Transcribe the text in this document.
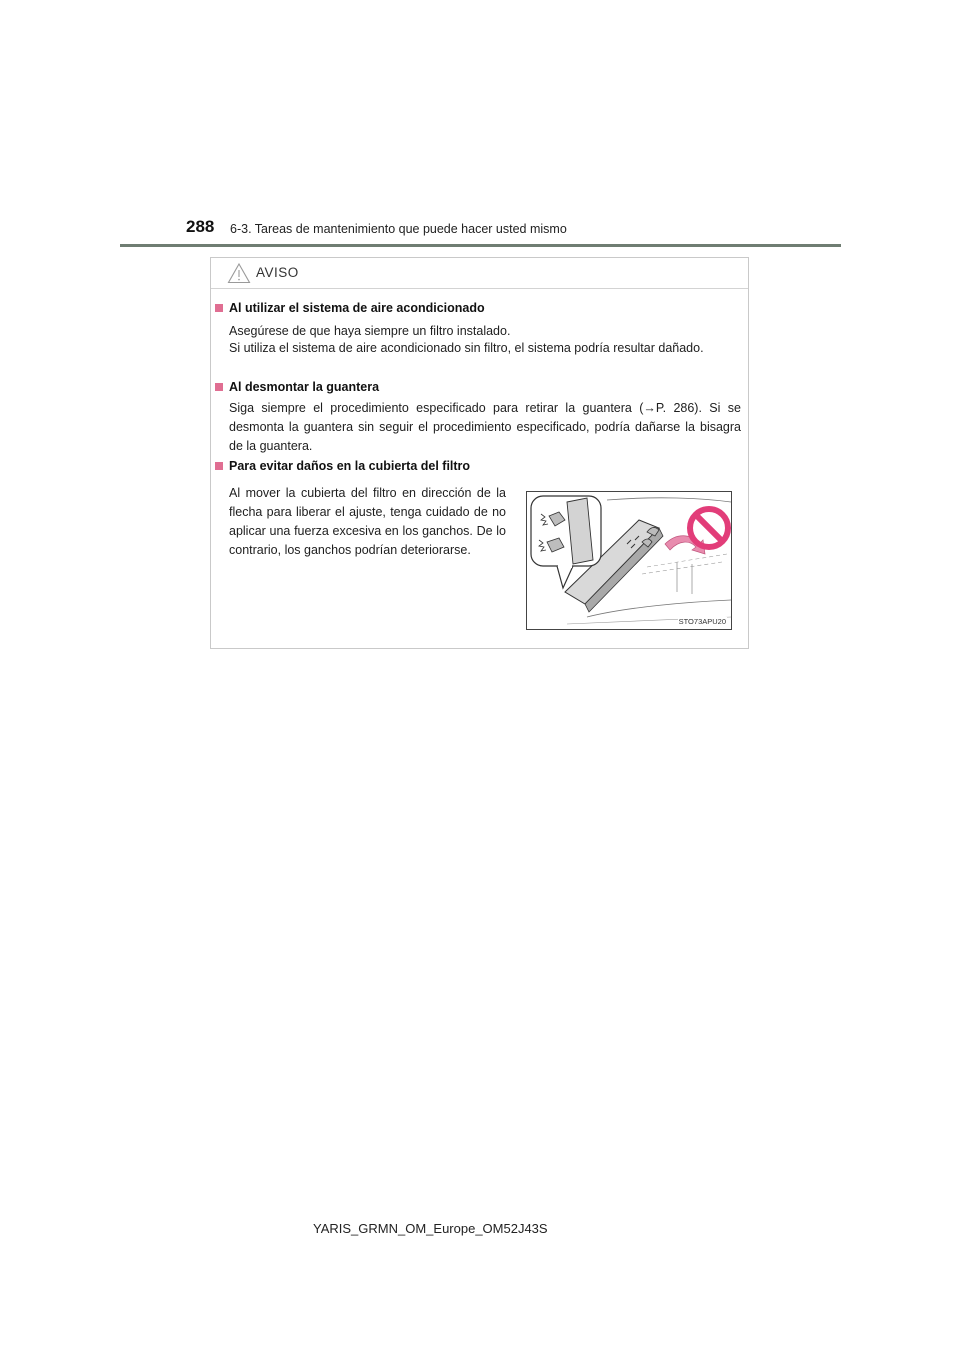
288 6-3. Tareas de mantenimiento que puede hacer usted mismo
AVISO
Al utilizar el sistema de aire acondicionado
Asegúrese de que haya siempre un filtro instalado.
Si utiliza el sistema de aire acondicionado sin filtro, el sistema podría resultar dañado.
Al desmontar la guantera
Siga siempre el procedimiento especificado para retirar la guantera (→P. 286). Si se desmonta la guantera sin seguir el procedimiento especificado, podría dañarse la bisagra de la guantera.
Para evitar daños en la cubierta del filtro
Al mover la cubierta del filtro en dirección de la flecha para liberar el ajuste, tenga cuidado de no aplicar una fuerza excesiva en los ganchos. De lo contrario, los ganchos podrían deteriorarse.
STO73APU20
YARIS_GRMN_OM_Europe_OM52J43S
